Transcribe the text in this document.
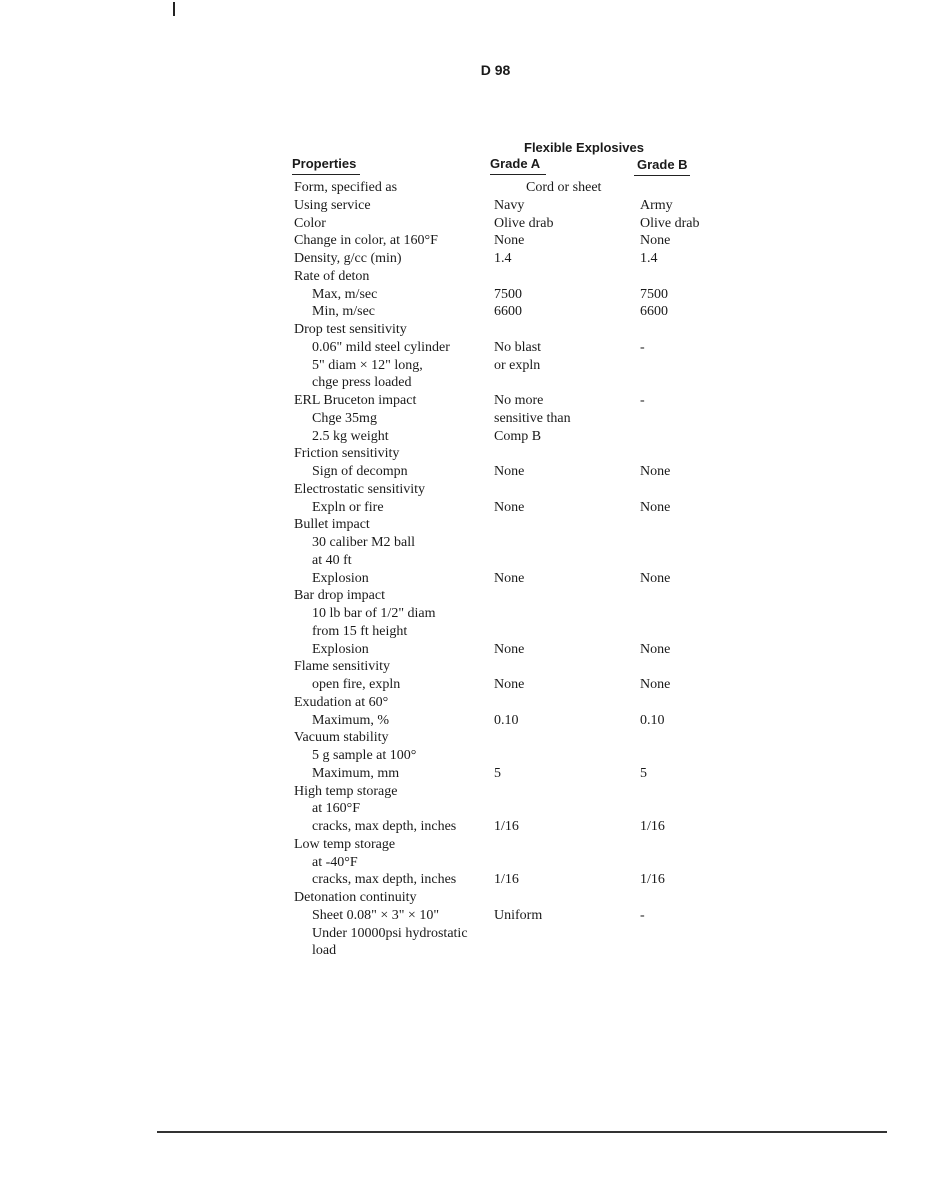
D 98
Flexible Explosives
Properties	Grade A	Grade B
Form, specified as	Cord or sheet
Using service	Navy	Army
Color	Olive drab	Olive drab
Change in color, at 160°F	None	None
Density, g/cc (min)	1.4	1.4
Rate of deton
Max, m/sec	7500	7500
Min, m/sec	6600	6600
Drop test sensitivity
0.06" mild steel cylinder	No blast	-
5" diam × 12" long,	or expln
chge press loaded
ERL Bruceton impact	No more	-
Chge 35mg	sensitive than
2.5 kg weight	Comp B
Friction sensitivity
Sign of decompn	None	None
Electrostatic sensitivity
Expln or fire	None	None
Bullet impact
30 caliber M2 ball
at 40 ft
Explosion	None	None
Bar drop impact
10 lb bar of 1/2" diam
from 15 ft height
Explosion	None	None
Flame sensitivity
open fire, expln	None	None
Exudation at 60°
Maximum, %	0.10	0.10
Vacuum stability
5 g sample at 100°
Maximum, mm	5	5
High temp storage
at 160°F
cracks, max depth, inches	1/16	1/16
Low temp storage
at -40°F
cracks, max depth, inches	1/16	1/16
Detonation continuity
Sheet 0.08" × 3" × 10"	Uniform	-
Under 10000psi hydrostatic
load
